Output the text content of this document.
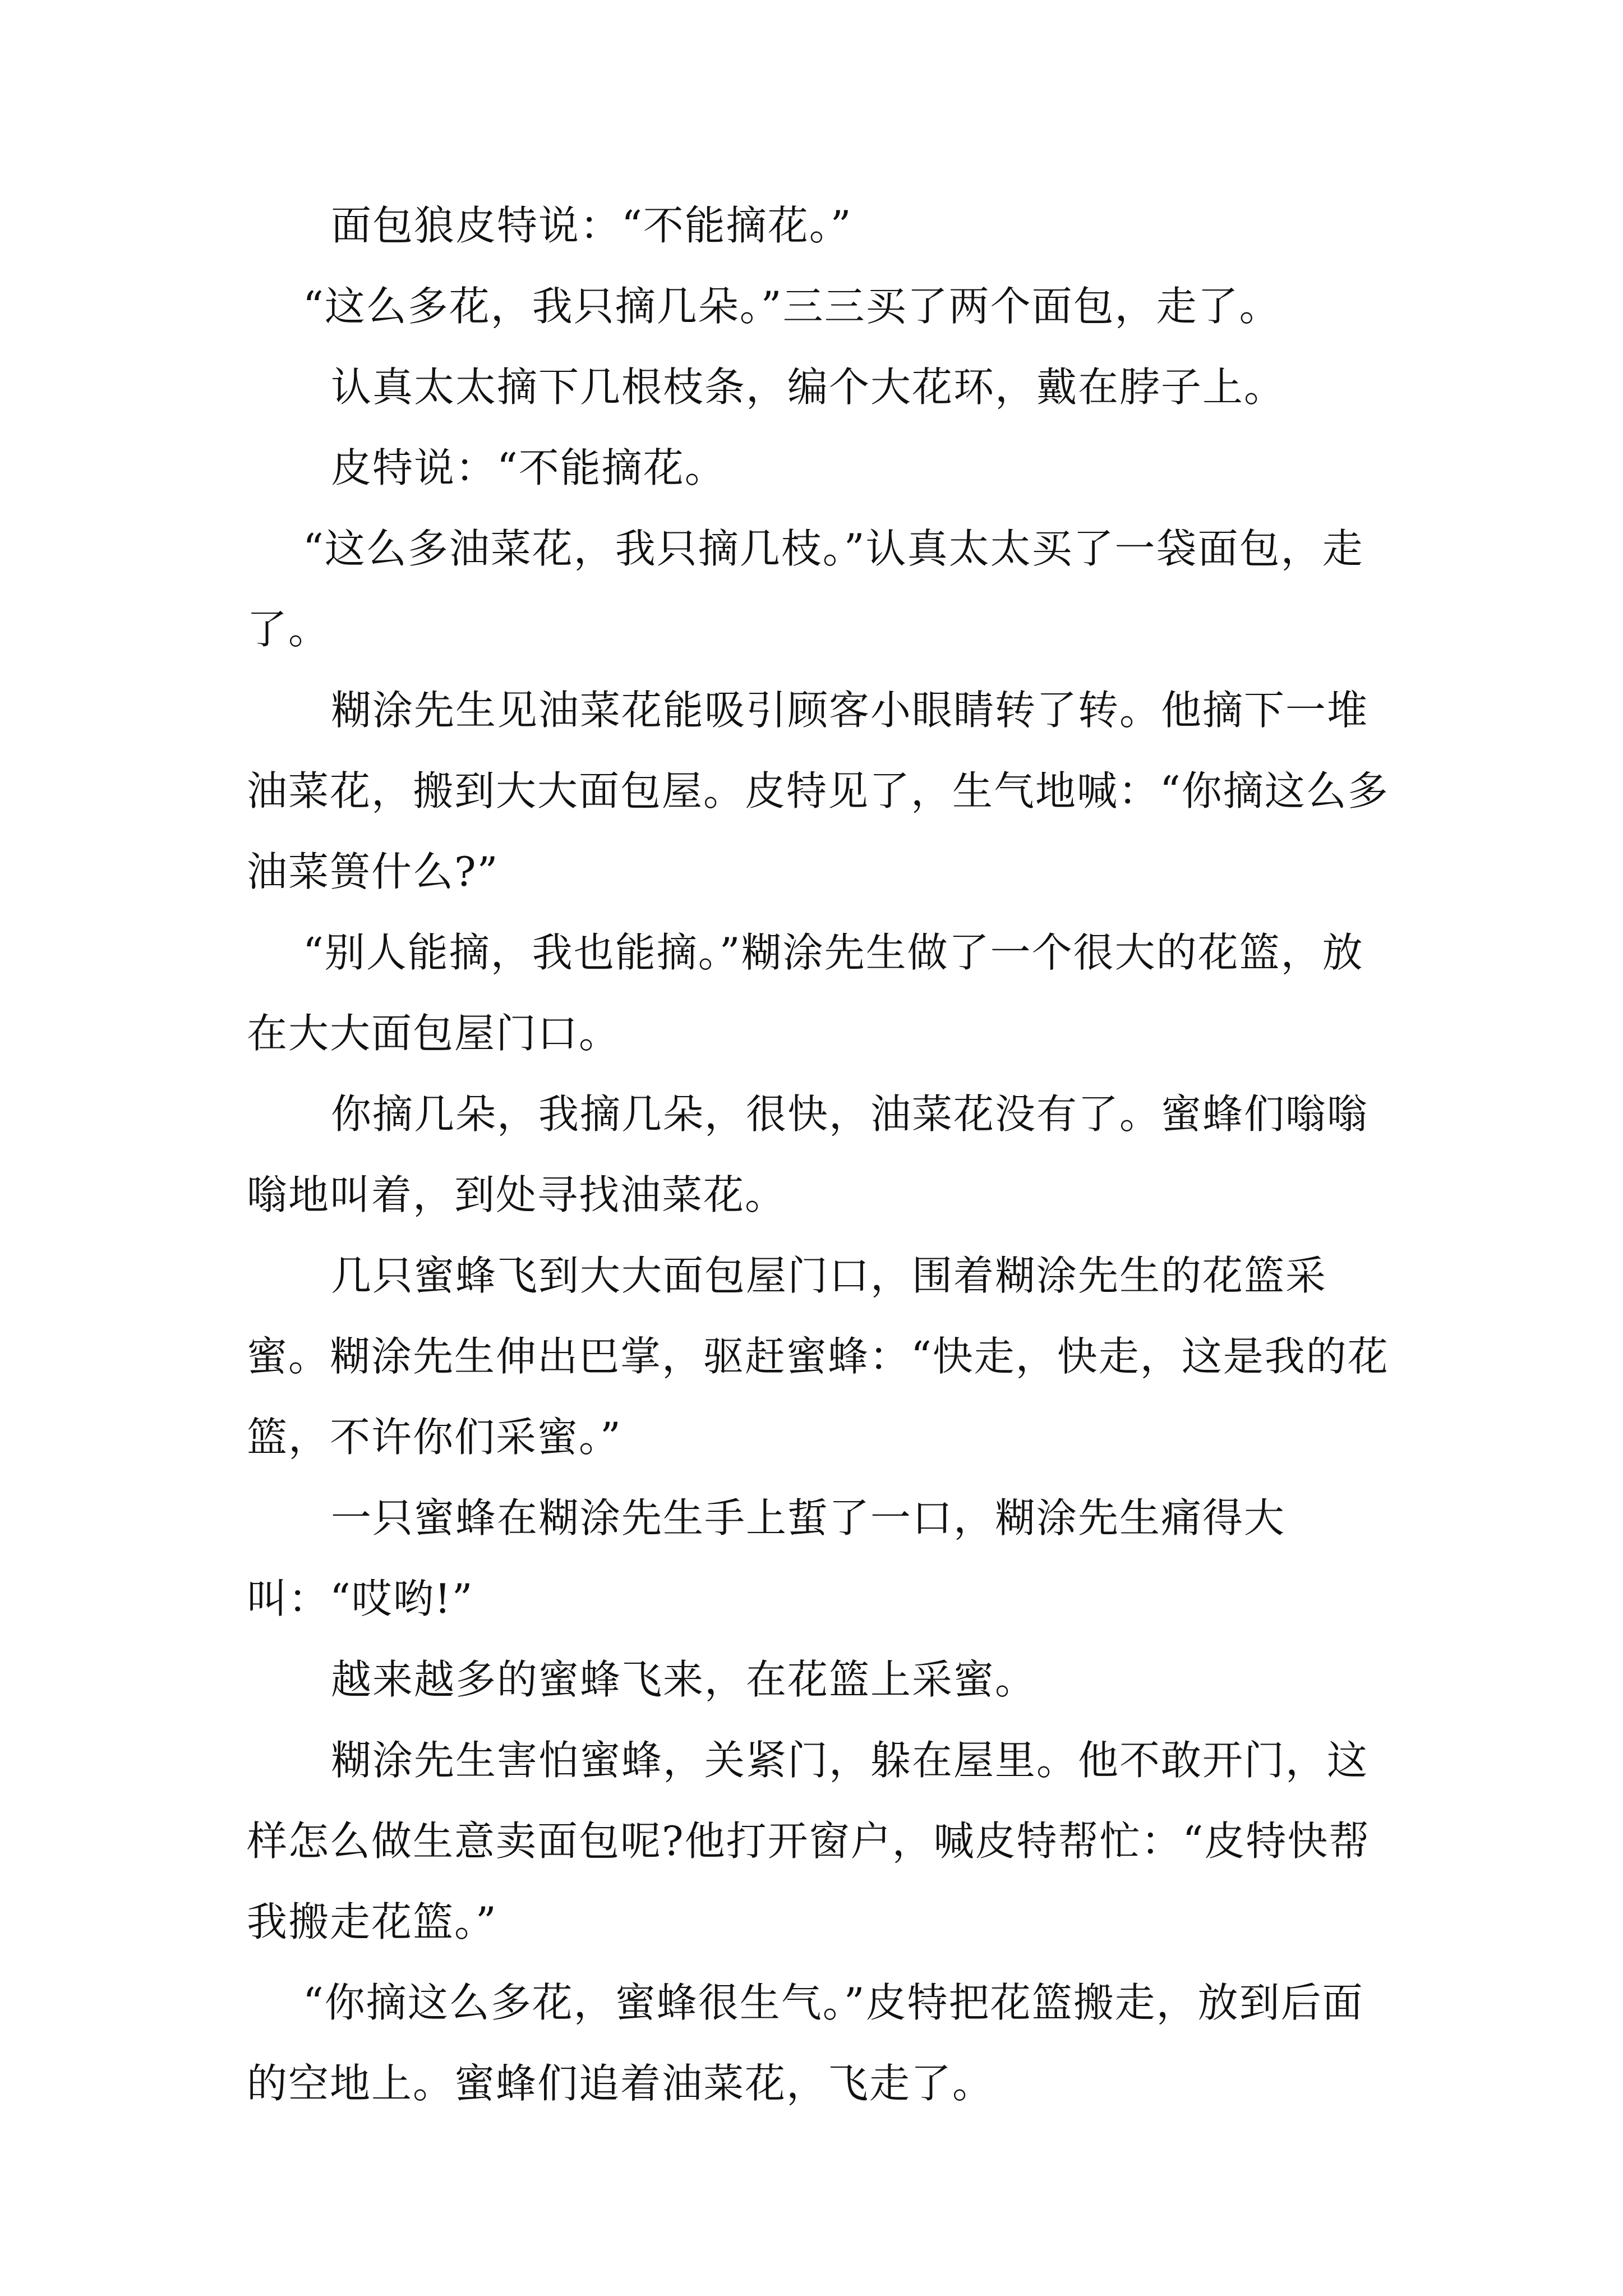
面包狼皮特说：“不能摘花。”

“这么多花，我只摘几朵。”三三买了两个面包，走了。

认真太太摘下几根枝条，编个大花环，戴在脖子上。

皮特说：“不能摘花。

“这么多油菜花，我只摘几枝。”认真太太买了一袋面包，走了。

糊涂先生见油菜花能吸引顾客小眼睛转了转。他摘下一堆油菜花，搬到大大面包屋。皮特见了，生气地喊：“你摘这么多油菜篑什么?”

“别人能摘，我也能摘。”糊涂先生做了一个很大的花篮，放在大大面包屋门口。

你摘几朵，我摘几朵，很快，油菜花没有了。蜜蜂们嗡嗡嗡地叫着，到处寻找油菜花。

几只蜜蜂飞到大大面包屋门口，围着糊涂先生的花篮采蜜。糊涂先生伸出巴掌，驱赶蜜蜂：“快走，快走，这是我的花篮，不许你们采蜜。”

一只蜜蜂在糊涂先生手上蜇了一口，糊涂先生痛得大叫：“哎哟!”

越来越多的蜜蜂飞来，在花篮上采蜜。

糊涂先生害怕蜜蜂，关紧门，躲在屋里。他不敢开门，这样怎么做生意卖面包呢?他打开窗户，喊皮特帮忙：“皮特快帮我搬走花篮。”

“你摘这么多花，蜜蜂很生气。”皮特把花篮搬走，放到后面的空地上。蜜蜂们追着油菜花，飞走了。
